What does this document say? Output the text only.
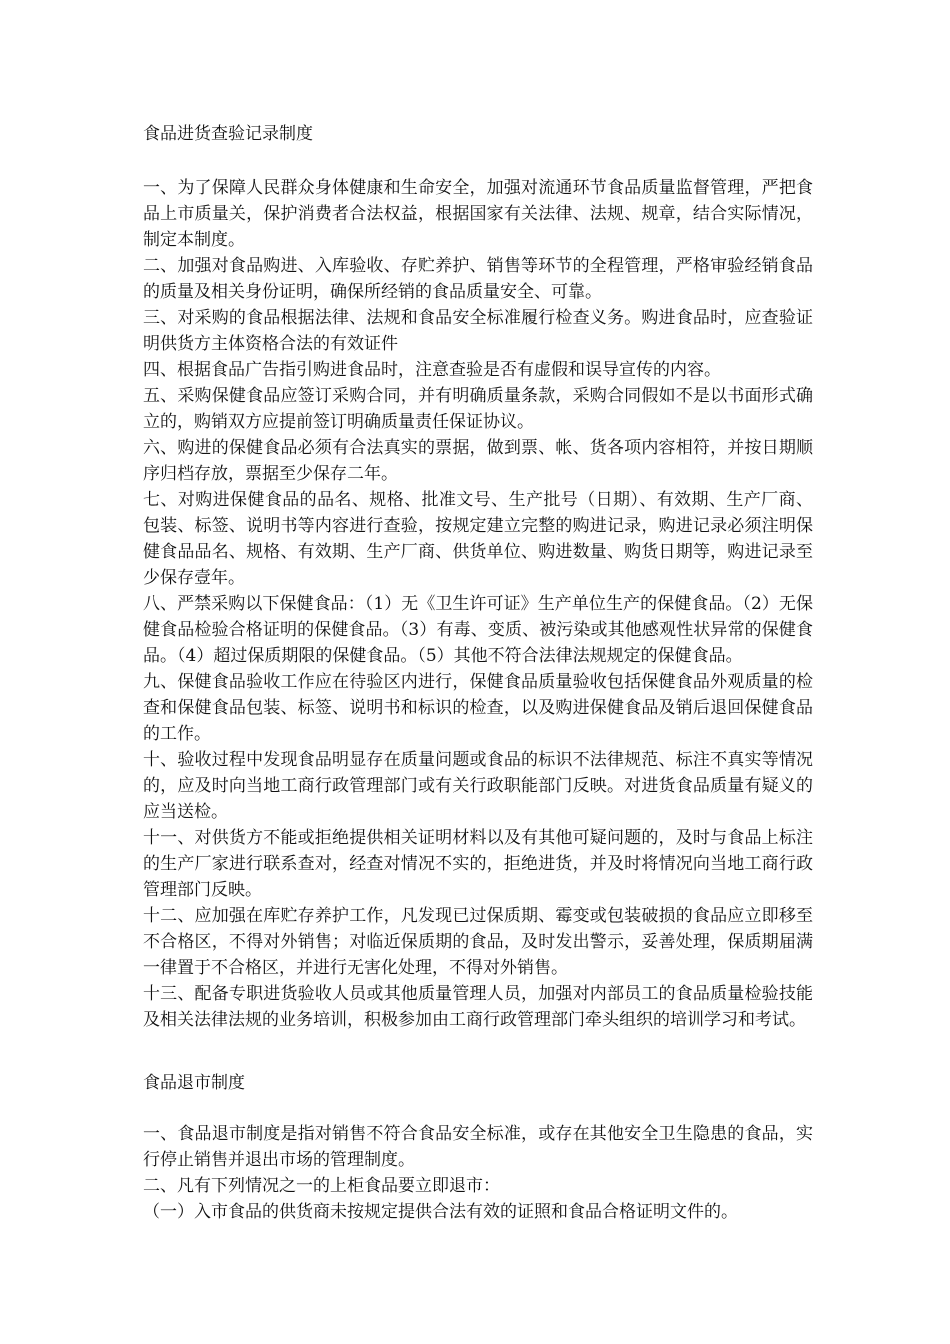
食品进货查验记录制度

一、为了保障人民群众身体健康和生命安全，加强对流通环节食品质量监督管理，严把食品上市质量关，保护消费者合法权益，根据国家有关法律、法规、规章，结合实际情况，制定本制度。

二、加强对食品购进、入库验收、存贮养护、销售等环节的全程管理，严格审验经销食品的质量及相关身份证明，确保所经销的食品质量安全、可靠。

三、对采购的食品根据法律、法规和食品安全标准履行检查义务。购进食品时，应查验证明供货方主体资格合法的有效证件

四、根据食品广告指引购进食品时，注意查验是否有虚假和误导宣传的内容。

五、采购保健食品应签订采购合同，并有明确质量条款，采购合同假如不是以书面形式确立的，购销双方应提前签订明确质量责任保证协议。

六、购进的保健食品必须有合法真实的票据，做到票、帐、货各项内容相符，并按日期顺序归档存放，票据至少保存二年。

七、对购进保健食品的品名、规格、批准文号、生产批号（日期）、有效期、生产厂商、包装、标签、说明书等内容进行查验，按规定建立完整的购进记录，购进记录必须注明保健食品品名、规格、有效期、生产厂商、供货单位、购进数量、购货日期等，购进记录至少保存壹年。

八、严禁采购以下保健食品：（1）无《卫生许可证》生产单位生产的保健食品。（2）无保健食品检验合格证明的保健食品。（3）有毒、变质、被污染或其他感观性状异常的保健食品。（4）超过保质期限的保健食品。（5）其他不符合法律法规规定的保健食品。

九、保健食品验收工作应在待验区内进行，保健食品质量验收包括保健食品外观质量的检查和保健食品包装、标签、说明书和标识的检查，以及购进保健食品及销后退回保健食品的工作。

十、验收过程中发现食品明显存在质量问题或食品的标识不法律规范、标注不真实等情况的，应及时向当地工商行政管理部门或有关行政职能部门反映。对进货食品质量有疑义的应当送检。

十一、对供货方不能或拒绝提供相关证明材料以及有其他可疑问题的，及时与食品上标注的生产厂家进行联系查对，经查对情况不实的，拒绝进货，并及时将情况向当地工商行政管理部门反映。

十二、应加强在库贮存养护工作，凡发现已过保质期、霉变或包装破损的食品应立即移至不合格区，不得对外销售；对临近保质期的食品，及时发出警示，妥善处理，保质期届满一律置于不合格区，并进行无害化处理，不得对外销售。

十三、配备专职进货验收人员或其他质量管理人员，加强对内部员工的食品质量检验技能及相关法律法规的业务培训，积极参加由工商行政管理部门牵头组织的培训学习和考试。

食品退市制度

一、食品退市制度是指对销售不符合食品安全标准，或存在其他安全卫生隐患的食品，实行停止销售并退出市场的管理制度。

二、凡有下列情况之一的上柜食品要立即退市：

（一）入市食品的供货商未按规定提供合法有效的证照和食品合格证明文件的。
